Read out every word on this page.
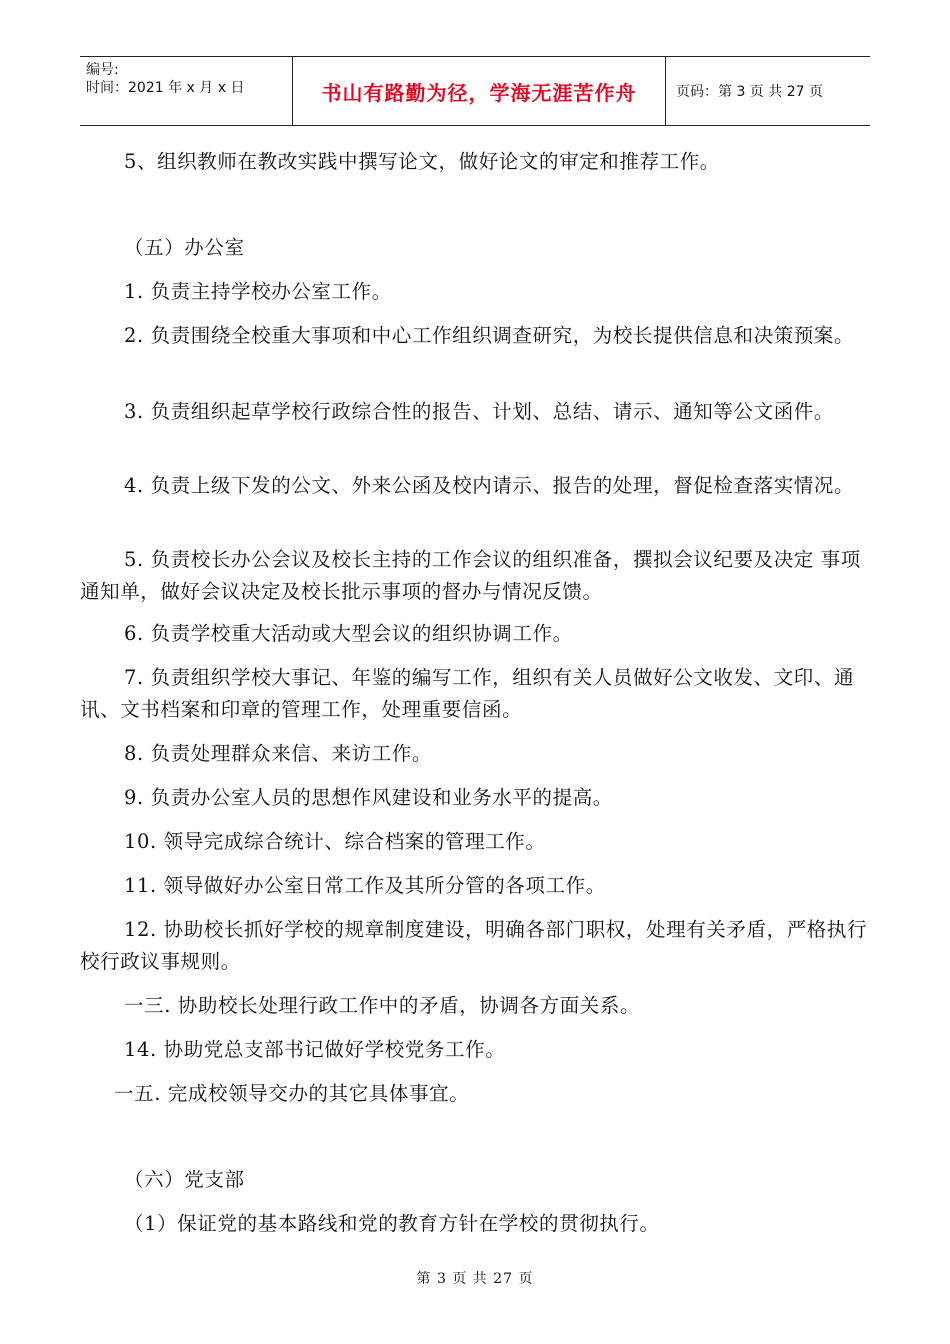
编号:
时间：2021 年 x 月 x 日	书山有路勤为径，学海无涯苦作舟	页码：第 3 页 共 27 页

5、组织教师在教改实践中撰写论文，做好论文的审定和推荐工作。

（五）办公室

1. 负责主持学校办公室工作。

2. 负责围绕全校重大事项和中心工作组织调查研究，为校长提供信息和决策预案。

3. 负责组织起草学校行政综合性的报告、计划、总结、请示、通知等公文函件。

4. 负责上级下发的公文、外来公函及校内请示、报告的处理，督促检查落实情况。

5. 负责校长办公会议及校长主持的工作会议的组织准备，撰拟会议纪要及决定 事项通知单，做好会议决定及校长批示事项的督办与情况反馈。

6. 负责学校重大活动或大型会议的组织协调工作。

7. 负责组织学校大事记、年鉴的编写工作，组织有关人员做好公文收发、文印、通讯、文书档案和印章的管理工作，处理重要信函。

8. 负责处理群众来信、来访工作。

9. 负责办公室人员的思想作风建设和业务水平的提高。

10. 领导完成综合统计、综合档案的管理工作。

11. 领导做好办公室日常工作及其所分管的各项工作。

12. 协助校长抓好学校的规章制度建设，明确各部门职权，处理有关矛盾，严格执行校行政议事规则。

一三. 协助校长处理行政工作中的矛盾，协调各方面关系。

14. 协助党总支部书记做好学校党务工作。

一五. 完成校领导交办的其它具体事宜。

（六）党支部

（1）保证党的基本路线和党的教育方针在学校的贯彻执行。

第 3 页 共 27 页
